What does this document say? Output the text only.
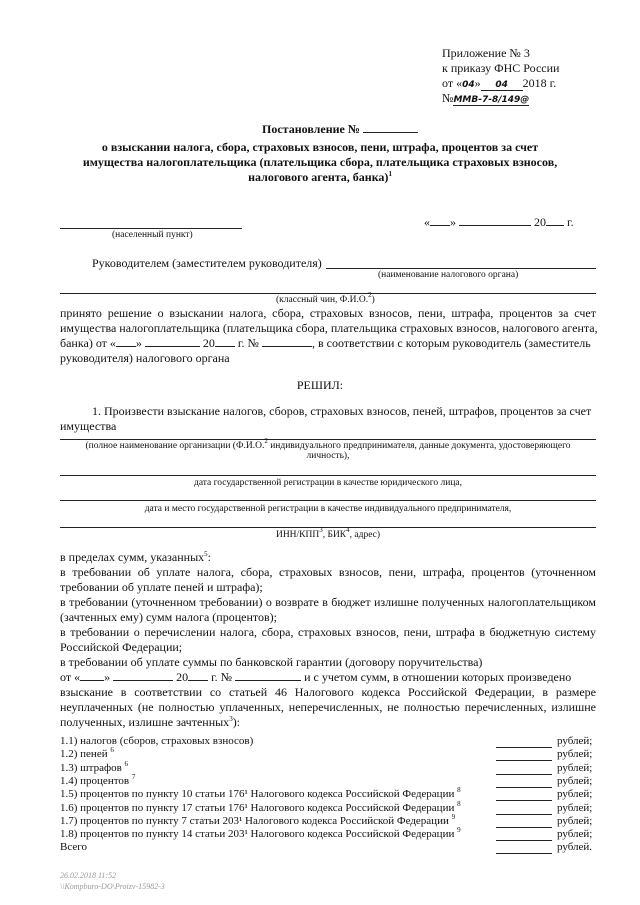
Приложение № 3
к приказу ФНС России
от «04» 04 2018 г.
№ММВ-7-8/149@
Постановление №
о взыскании налога, сбора, страховых взносов, пени, штрафа, процентов за счет
имущества налогоплательщика (плательщика сбора, плательщика страховых взносов,
налогового агента, банка)$^1$
(населенный пункт)
« »	20 г.
Руководителем (заместителем руководителя)
(наименование налогового органа)
(классный чин, Ф.И.О.$^2$)
принято решение о взыскании налога, сбора, страховых взносов, пени, штрафа, процентов за счет
имущества налогоплательщика (плательщика сбора, плательщика страховых взносов, налогового агента,
банка) от « »	20 г. №	, в соответствии с которым руководитель (заместитель
руководителя) налогового органа
РЕШИЛ:
1. Произвести взыскание налогов, сборов, страховых взносов, пеней, штрафов, процентов за счет
имущества
(полное наименование организации (Ф.И.О.$^2$ индивидуального предпринимателя, данные документа, удостоверяющего
личность),
дата государственной регистрации в качестве юридического лица,
дата и место государственной регистрации в качестве индивидуального предпринимателя,
ИНН/КПП$^3$, БИК$^4$, адрес)
в пределах сумм, указанных$^5$:
в требовании об уплате налога, сбора, страховых взносов, пени, штрафа, процентов (уточненном
требовании об уплате пеней и штрафа);
в требовании (уточненном требовании) о возврате в бюджет излишне полученных налогоплательщиком
(зачтенных ему) сумм налога (процентов);
в требовании о перечислении налога, сбора, страховых взносов, пени, штрафа в бюджетную систему
Российской Федерации;
в требовании об уплате суммы по банковской гарантии (договору поручительства)
от « »	20 г. №	и с учетом сумм, в отношении которых произведено
взыскание в соответствии со статьей 46 Налогового кодекса Российской Федерации, в размере
неуплаченных (не полностью уплаченных, неперечисленных, не полностью перечисленных, излишне
полученных, излишне зачтенных$^3$):
1.1) налогов (сборов, страховых взносов)	рублей;
1.2) пеней $^6$	рублей;
1.3) штрафов $^6$	рублей;
1.4) процентов $^7$	рублей;
1.5) процентов по пункту 10 статьи 176¹ Налогового кодекса Российской Федерации $^8$	рублей;
1.6) процентов по пункту 17 статьи 176¹ Налогового кодекса Российской Федерации $^8$	рублей;
1.7) процентов по пункту 7 статьи 203¹ Налогового кодекса Российской Федерации $^9$	рублей;
1.8) процентов по пункту 14 статьи 203¹ Налогового кодекса Российской Федерации $^9$	рублей;
Всего	рублей.
26.02.2018 11:52
\\Kompburo-DO\Proizv-15982-3
